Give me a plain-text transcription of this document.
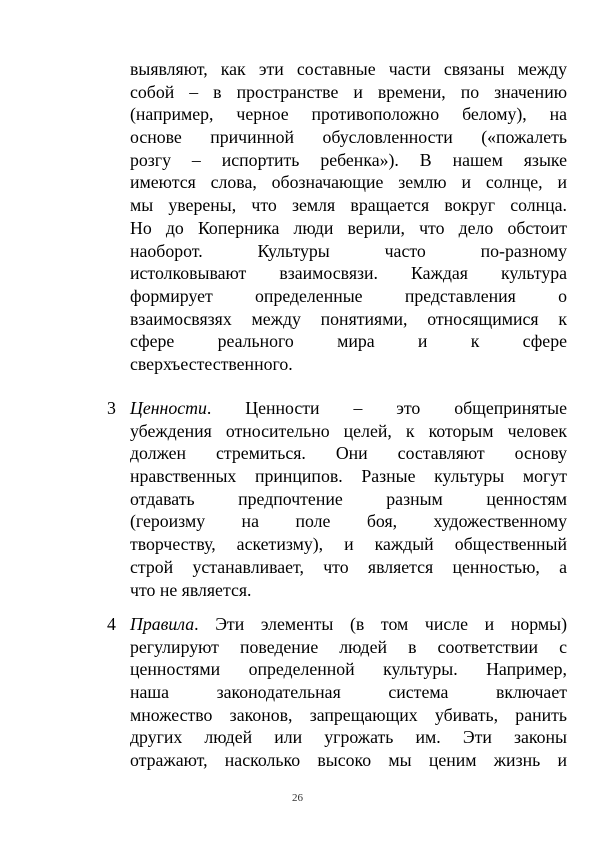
выявляют, как эти составные части связаны между
собой – в пространстве и времени, по значению
(например, черное противоположно белому), на
основе причинной обусловленности («пожалеть
розгу – испортить ребенка»). В нашем языке
имеются слова, обозначающие землю и солнце, и
мы уверены, что земля вращается вокруг солнца.
Но до Коперника люди верили, что дело обстоит
наоборот. Культуры часто по-разному
истолковывают взаимосвязи. Каждая культура
формирует определенные представления о
взаимосвязях между понятиями, относящимися к
сфере реального мира и к сфере
сверхъестественного.
3 Ценности. Ценности – это общепринятые
убеждения относительно целей, к которым человек
должен стремиться. Они составляют основу
нравственных принципов. Разные культуры могут
отдавать предпочтение разным ценностям
(героизму на поле боя, художественному
творчеству, аскетизму), и каждый общественный
строй устанавливает, что является ценностью, а
что не является.
4 Правила. Эти элементы (в том числе и нормы)
регулируют поведение людей в соответствии с
ценностями определенной культуры. Например,
наша законодательная система включает
множество законов, запрещающих убивать, ранить
других людей или угрожать им. Эти законы
отражают, насколько высоко мы ценим жизнь и
26
